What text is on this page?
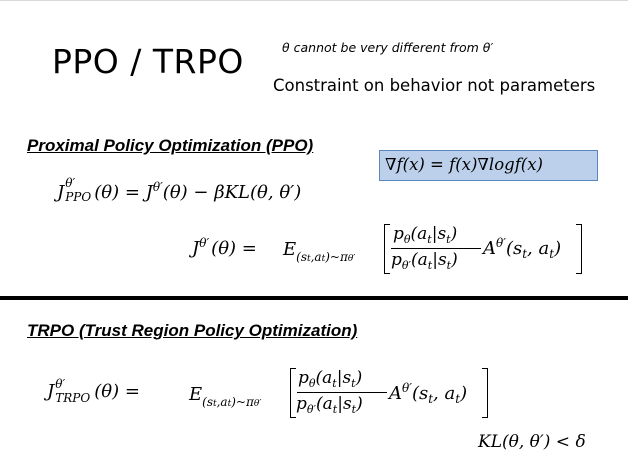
PPO / TRPO	θ cannot be very different from θ′
Constraint on behavior not parameters
Proximal Policy Optimization (PPO)
∇f(x) = f(x)∇logf(x)
J θ′
PPO $(\theta) = J^{\theta'}(\theta) - \beta KL(\theta$, θ′)
$J^{\theta'}$ $(\theta) = E_{(st,at)\sim\pi\theta'}$
$p_\theta(a_t|s_t)$
$p_{\theta'}(a_t|s_t)$
$A^{\theta'}(s_t$, $a_t$)
TRPO (Trust Region Policy Optimization)
J θ′
TRPO (θ) =	$E_{(st,at)\sim\pi\theta'}$
$p_\theta(a_t|s_t)$
$p_{\theta'}(a_t|s_t)$ $A^{\theta'}(s_t$, $a_t$)
KL(θ, θ′) < δ
